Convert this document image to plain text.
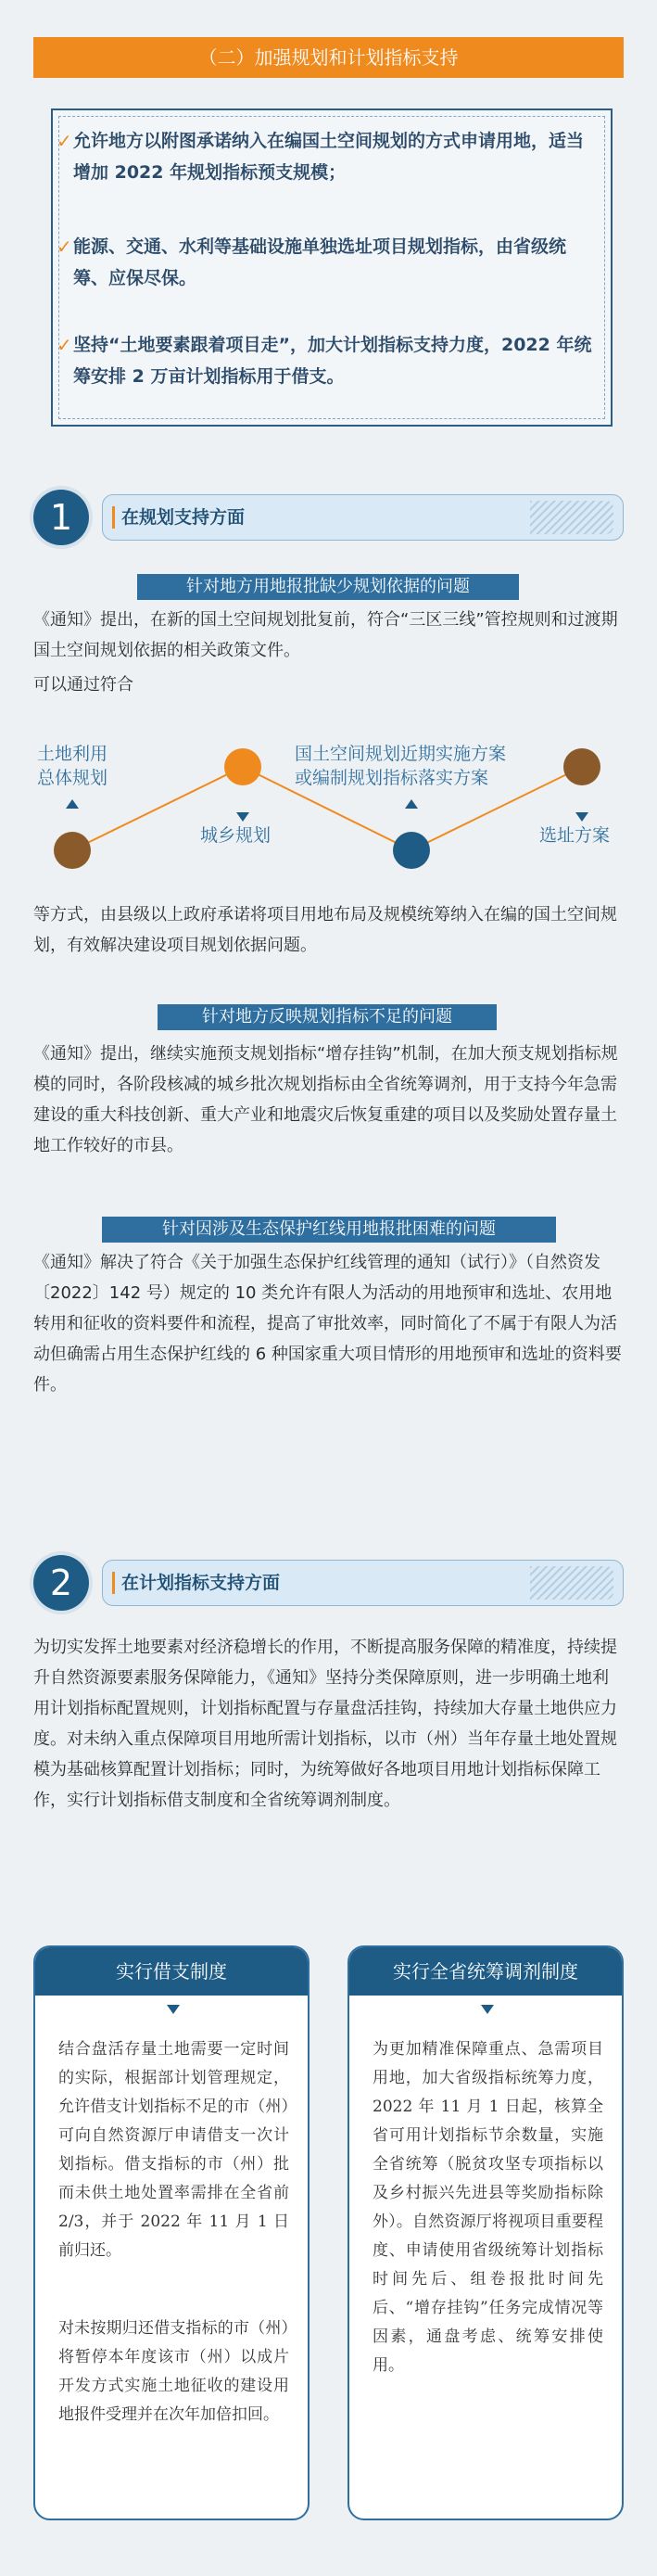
（二）加强规划和计划指标支持
✓ 允许地方以附图承诺纳入在编国土空间规划的方式申请用地，适当增加 2022 年规划指标预支规模；
✓ 能源、交通、水利等基础设施单独选址项目规划指标，由省级统筹、应保尽保。
✓ 坚持“土地要素跟着项目走”，加大计划指标支持力度，2022 年统筹安排 2 万亩计划指标用于借支。
1	在规划支持方面
针对地方用地报批缺少规划依据的问题
《通知》提出，在新的国土空间规划批复前，符合“三区三线”管控规则和过渡期国土空间规划依据的相关政策文件。
可以通过符合
土地利用
总体规划
城乡规划
国土空间规划近期实施方案
或编制规划指标落实方案
选址方案
等方式，由县级以上政府承诺将项目用地布局及规模统筹纳入在编的国土空间规划，有效解决建设项目规划依据问题。
针对地方反映规划指标不足的问题
《通知》提出，继续实施预支规划指标“增存挂钩”机制，在加大预支规划指标规模的同时，各阶段核减的城乡批次规划指标由全省统筹调剂，用于支持今年急需建设的重大科技创新、重大产业和地震灾后恢复重建的项目以及奖励处置存量土地工作较好的市县。
针对因涉及生态保护红线用地报批困难的问题
《通知》解决了符合《关于加强生态保护红线管理的通知（试行）》（自然资发〔2022〕142 号）规定的 10 类允许有限人为活动的用地预审和选址、农用地转用和征收的资料要件和流程，提高了审批效率，同时简化了不属于有限人为活动但确需占用生态保护红线的 6 种国家重大项目情形的用地预审和选址的资料要件。
2	在计划指标支持方面
为切实发挥土地要素对经济稳增长的作用，不断提高服务保障的精准度，持续提升自然资源要素服务保障能力，《通知》坚持分类保障原则，进一步明确土地利用计划指标配置规则，计划指标配置与存量盘活挂钩，持续加大存量土地供应力度。对未纳入重点保障项目用地所需计划指标，以市（州）当年存量土地处置规模为基础核算配置计划指标；同时，为统筹做好各地项目用地计划指标保障工作，实行计划指标借支制度和全省统筹调剂制度。
实行借支制度
结合盘活存量土地需要一定时间的实际，根据部计划管理规定，允许借支计划指标不足的市（州）可向自然资源厅申请借支一次计划指标。借支指标的市（州）批而未供土地处置率需排在全省前 2/3，并于 2022 年 11 月 1 日前归还。
对未按期归还借支指标的市（州）将暂停本年度该市（州）以成片开发方式实施土地征收的建设用地报件受理并在次年加倍扣回。
实行全省统筹调剂制度
为更加精准保障重点、急需项目用地，加大省级指标统筹力度，2022 年 11 月 1 日起，核算全省可用计划指标节余数量，实施全省统筹（脱贫攻坚专项指标以及乡村振兴先进县等奖励指标除外）。自然资源厅将视项目重要程度、申请使用省级统筹计划指标时间先后、组卷报批时间先后、“增存挂钩”任务完成情况等因素，通盘考虑、统筹安排使用。
